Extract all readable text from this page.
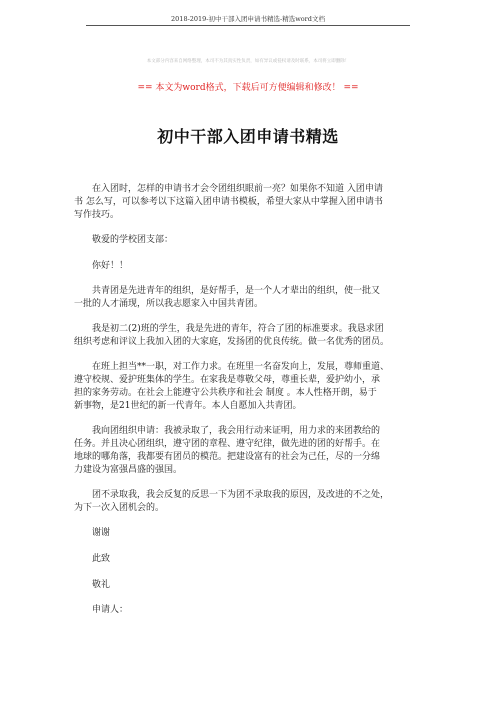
2018-2019-初中干部入团申请书精选-精选word文档
本文部分内容来自网络整理，本司不为其真实性负责，如有异议或侵权请及时联系，本司将立即删除！
== 本文为word格式，下载后可方便编辑和修改！ ==
初中干部入团申请书精选
在入团时，怎样的申请书才会令团组织眼前一亮？如果你不知道 入团申请
书 怎么写，可以参考以下这篇入团申请书模板，希望大家从中掌握入团申请书
写作技巧。
敬爱的学校团支部：
你好！！
共青团是先进青年的组织，是好帮手，是一个人才辈出的组织，使一批又
一批的人才涌现，所以我志愿家入中国共青团。
我是初二(2)班的学生，我是先进的青年，符合了团的标准要求。我恳求团
组织考虑和评议上我加入团的大家庭，发扬团的优良传统。做一名优秀的团员。
在班上担当**一职，对工作力求。在班里一名奋发向上，发展，尊师重道、
遵守校规、爱护班集体的学生。在家我是尊敬父母，尊重长辈，爱护幼小，承
担的家务劳动。在社会上能遵守公共秩序和社会 制度 。本人性格开朗，易于
新事物，是21世纪的新一代青年。本人自愿加入共青团。
我向团组织申请：我被录取了，我会用行动来证明，用力求的来团教给的
任务。并且决心团组织，遵守团的章程、遵守纪律，做先进的团的好帮手。在
地球的哪角落，我都要有团员的模范。把建设富有的社会为己任，尽的一分绵
力建设为富强昌盛的强国。
团不录取我，我会反复的反思一下为团不录取我的原因，及改进的不之处，
为下一次入团机会的。
谢谢
此致
敬礼
申请人：
